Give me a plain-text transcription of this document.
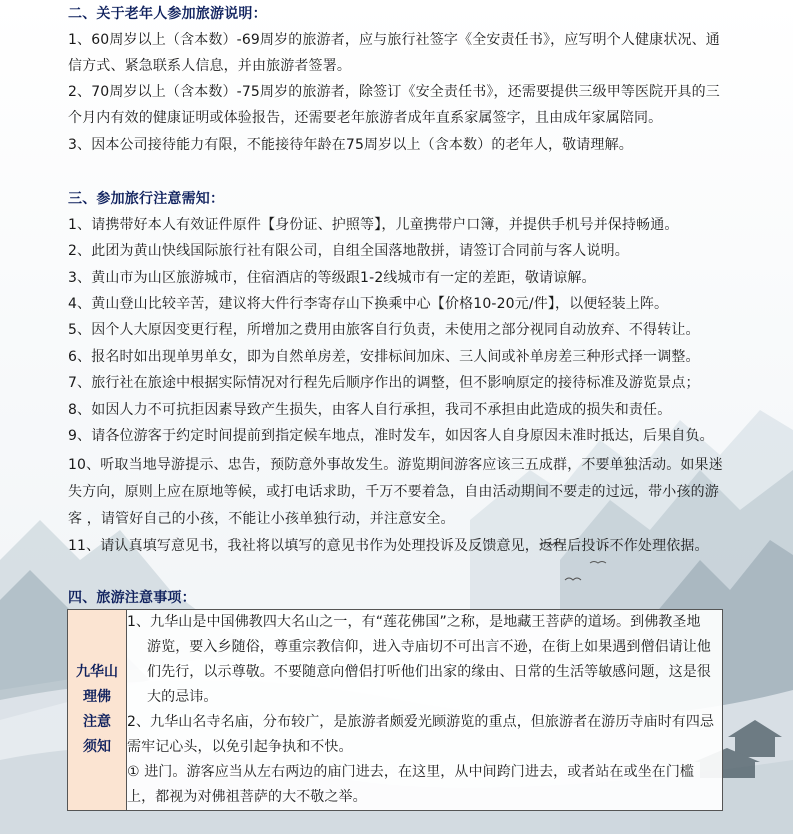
二、关于老年人参加旅游说明：
1、60周岁以上（含本数）-69周岁的旅游者，应与旅行社签字《全安责任书》，应写明个人健康状况、通
信方式、紧急联系人信息，并由旅游者签署。
2、70周岁以上（含本数）-75周岁的旅游者，除签订《安全责任书》，还需要提供三级甲等医院开具的三
个月内有效的健康证明或体验报告，还需要老年旅游者成年直系家属签字，且由成年家属陪同。
3、因本公司接待能力有限，不能接待年龄在75周岁以上（含本数）的老年人，敬请理解。
三、参加旅行注意需知：
1、请携带好本人有效证件原件【身份证、护照等】，儿童携带户口簿，并提供手机号并保持畅通。
2、此团为黄山快线国际旅行社有限公司，自组全国落地散拼，请签订合同前与客人说明。
3、黄山市为山区旅游城市，住宿酒店的等级跟1-2线城市有一定的差距，敬请谅解。
4、黄山登山比较辛苦，建议将大件行李寄存山下换乘中心【价格10-20元/件】，以便轻装上阵。
5、因个人大原因变更行程，所增加之费用由旅客自行负责，未使用之部分视同自动放弃、不得转让。
6、报名时如出现单男单女，即为自然单房差，安排标间加床、三人间或补单房差三种形式择一调整。
7、旅行社在旅途中根据实际情况对行程先后顺序作出的调整，但不影响原定的接待标准及游览景点；
8、如因人力不可抗拒因素导致产生损失，由客人自行承担，我司不承担由此造成的损失和责任。
9、请各位游客于约定时间提前到指定候车地点，准时发车，如因客人自身原因未准时抵达，后果自负。
10、听取当地导游提示、忠告，预防意外事故发生。游览期间游客应该三五成群，不要单独活动。如果迷
失方向，原则上应在原地等候，或打电话求助，千万不要着急，自由活动期间不要走的过远，带小孩的游
客 ，请管好自己的小孩，不能让小孩单独行动，并注意安全。
11、请认真填写意见书，我社将以填写的意见书作为处理投诉及反馈意见，返程后投诉不作处理依据。
四、旅游注意事项：
九华山
理佛
注意
须知

1、九华山是中国佛教四大名山之一，有“莲花佛国”之称，是地藏王菩萨的道场。到佛教圣地
游览，要入乡随俗，尊重宗教信仰，进入寺庙切不可出言不逊，在街上如果遇到僧侣请让他
们先行，以示尊敬。不要随意向僧侣打听他们出家的缘由、日常的生活等敏感问题，这是很
大的忌讳。
2、九华山名寺名庙，分布较广，是旅游者颇爱光顾游览的重点，但旅游者在游历寺庙时有四忌
需牢记心头，以免引起争执和不快。
① 进门。游客应当从左右两边的庙门进去，在这里，从中间跨门进去，或者站在或坐在门槛
上，都视为对佛祖菩萨的大不敬之举。
